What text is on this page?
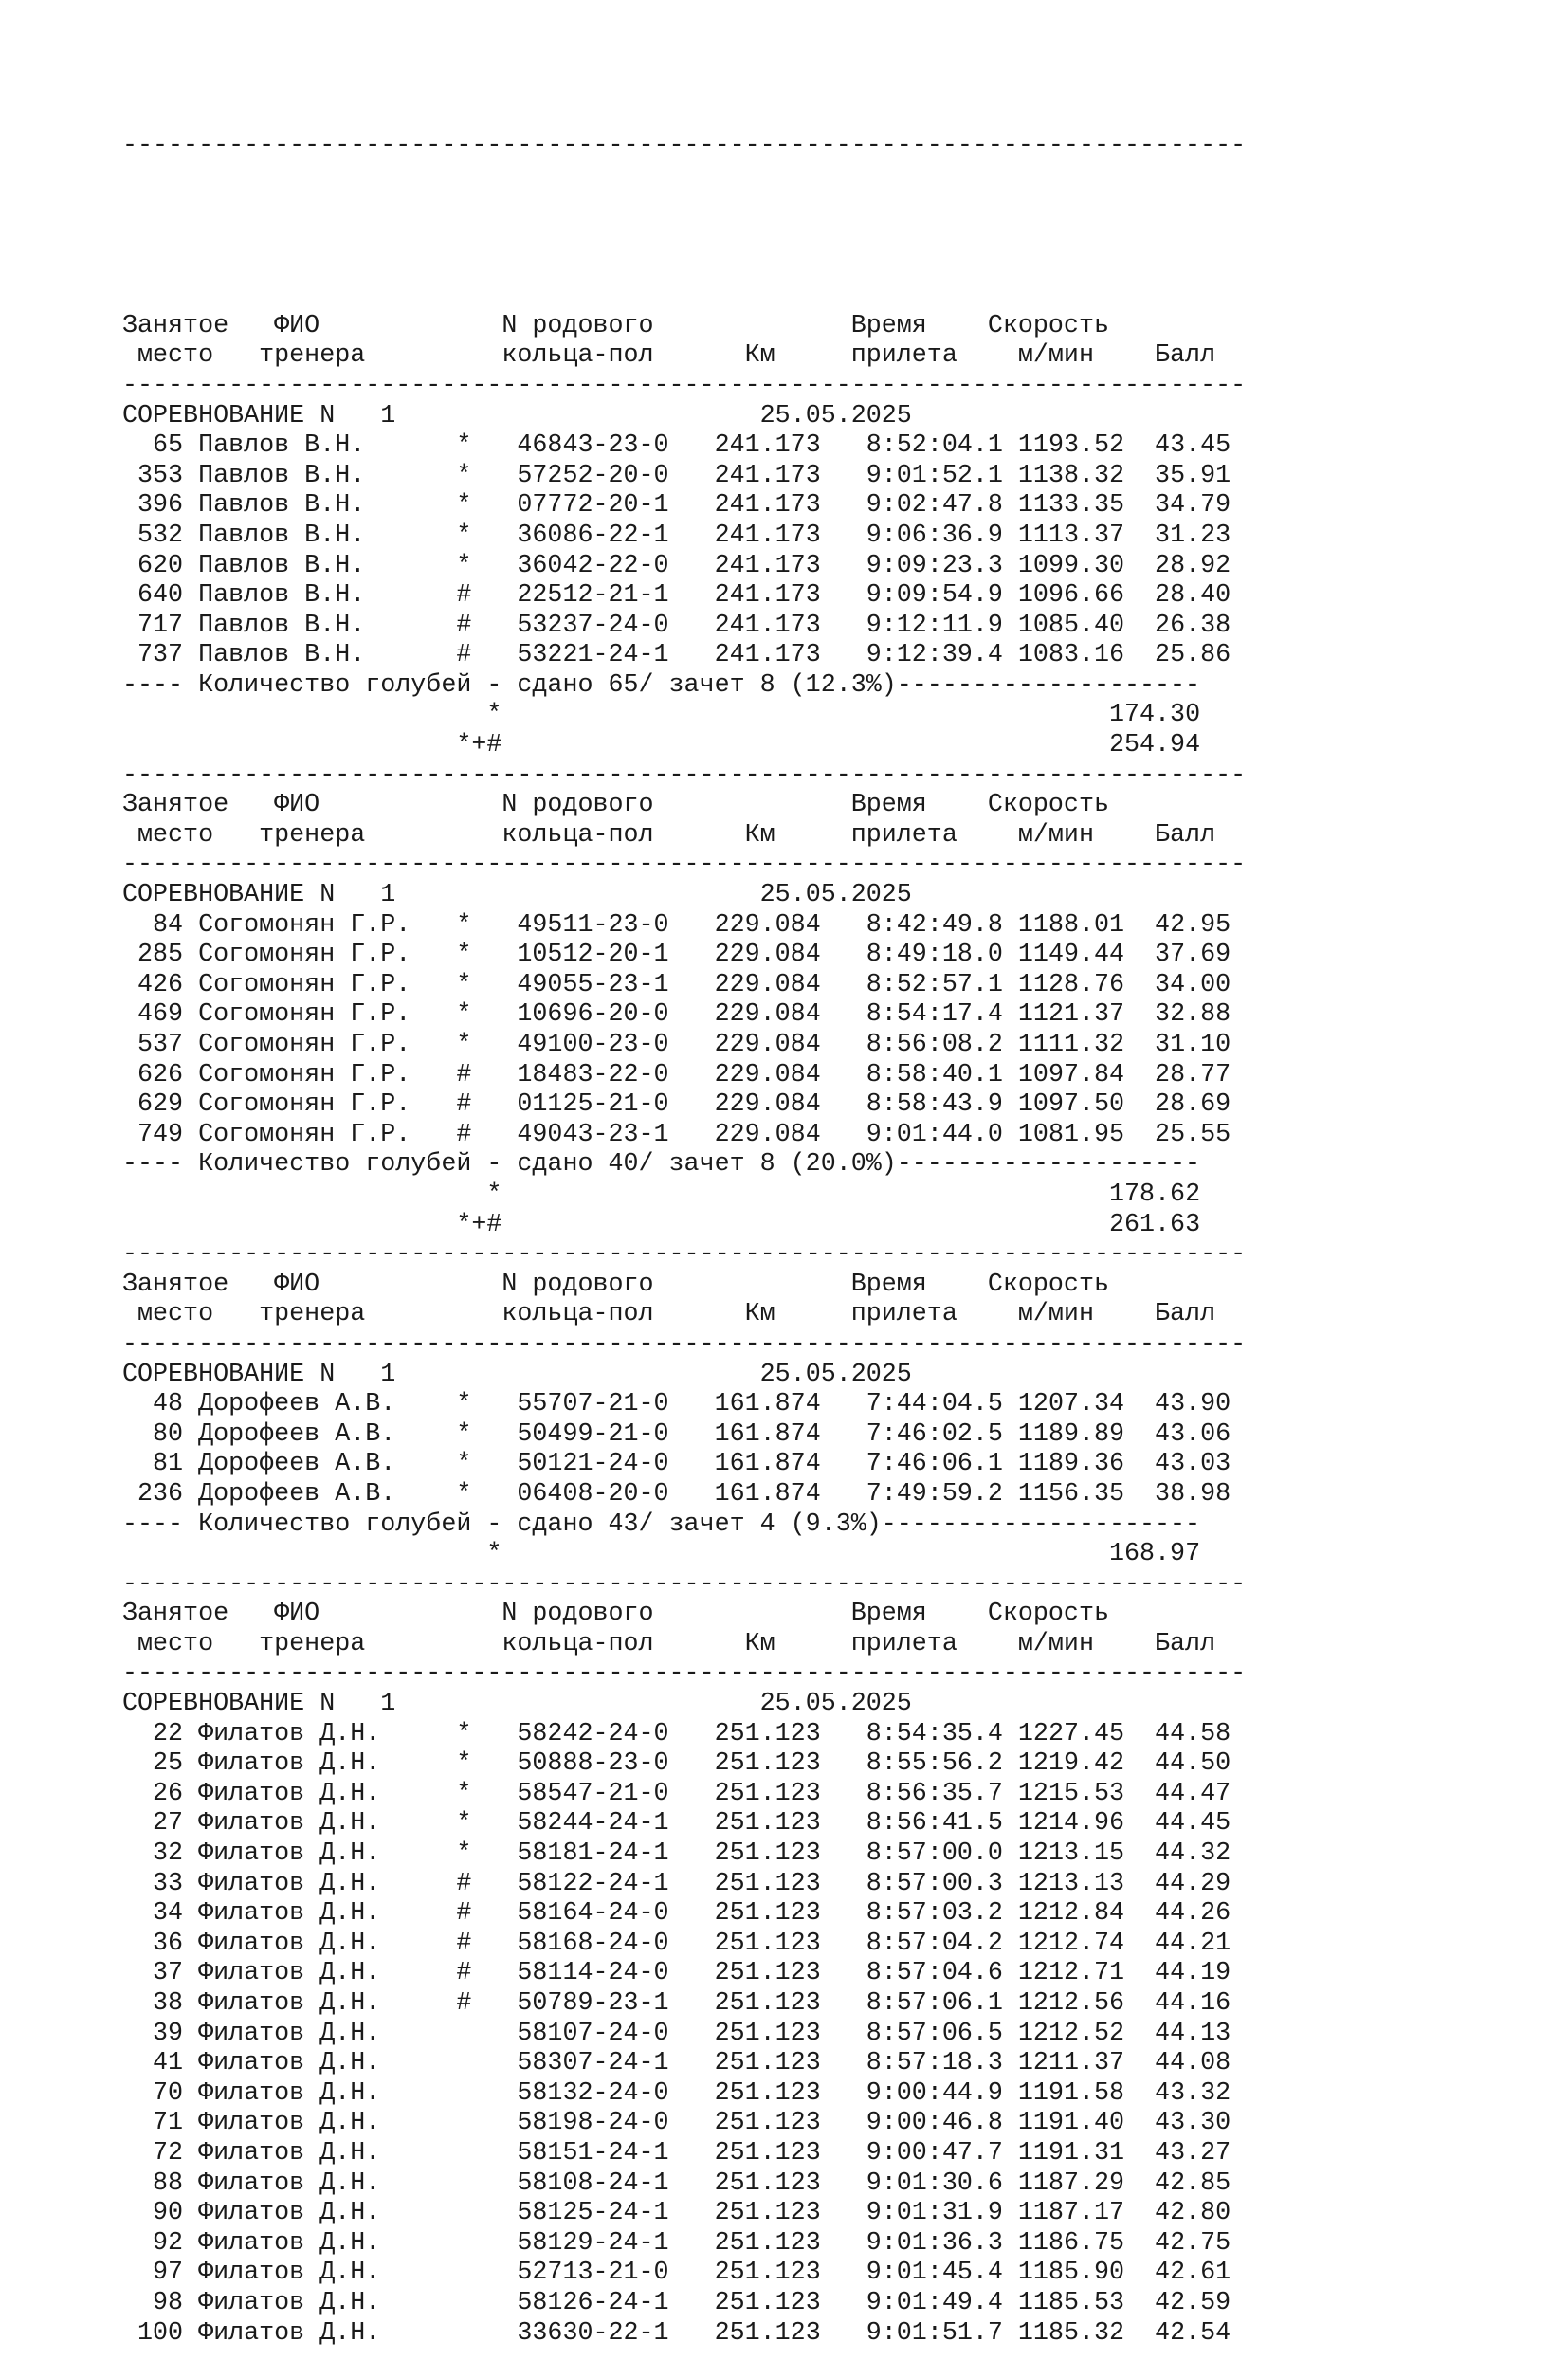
--------------------------------------------------------------------------

Занятое   ФИО            N родового             Время    Скорость
место   тренера         кольца-пол      Км     прилета    м/мин    Балл
--------------------------------------------------------------------------
СОРЕВНОВАНИЕ N   1	25.05.2025
65 Павлов В.Н.      * 46843-23-0 241.173   8:52:04.1 1193.52  43.45
353 Павлов В.Н.      * 57252-20-0 241.173   9:01:52.1 1138.32  35.91
396 Павлов В.Н.      * 07772-20-1 241.173   9:02:47.8 1133.35  34.79
532 Павлов В.Н.      * 36086-22-1 241.173   9:06:36.9 1113.37  31.23
620 Павлов В.Н.      * 36042-22-0 241.173   9:09:23.3 1099.30  28.92
640 Павлов В.Н.      # 22512-21-1 241.173   9:09:54.9 1096.66  28.40
717 Павлов В.Н.      # 53237-24-0 241.173   9:12:11.9 1085.40  26.38
737 Павлов В.Н.      # 53221-24-1 241.173   9:12:39.4 1083.16  25.86
---- Количество голубей - сдано 65/ зачет 8 (12.3%)--------------------
*	174.30
*+#	254.94
--------------------------------------------------------------------------
Занятое   ФИО            N родового             Время    Скорость
место   тренера         кольца-пол      Км     прилета    м/мин    Балл
--------------------------------------------------------------------------
СОРЕВНОВАНИЕ N   1	25.05.2025
84 Согомонян Г.Р.   * 49511-23-0 229.084   8:42:49.8 1188.01  42.95
285 Согомонян Г.Р.   * 10512-20-1 229.084   8:49:18.0 1149.44  37.69
426 Согомонян Г.Р.   * 49055-23-1 229.084   8:52:57.1 1128.76  34.00
469 Согомонян Г.Р.   * 10696-20-0 229.084   8:54:17.4 1121.37  32.88
537 Согомонян Г.Р.   * 49100-23-0 229.084   8:56:08.2 1111.32  31.10
626 Согомонян Г.Р.   # 18483-22-0 229.084   8:58:40.1 1097.84  28.77
629 Согомонян Г.Р.   # 01125-21-0 229.084   8:58:43.9 1097.50  28.69
749 Согомонян Г.Р.   # 49043-23-1 229.084   9:01:44.0 1081.95  25.55
---- Количество голубей - сдано 40/ зачет 8 (20.0%)--------------------
*	178.62
*+#	261.63
--------------------------------------------------------------------------
Занятое   ФИО            N родового             Время    Скорость
место   тренера         кольца-пол      Км     прилета    м/мин    Балл
--------------------------------------------------------------------------
СОРЕВНОВАНИЕ N   1	25.05.2025
48 Дорофеев А.В.    * 55707-21-0 161.874   7:44:04.5 1207.34  43.90
80 Дорофеев А.В.    * 50499-21-0 161.874   7:46:02.5 1189.89  43.06
81 Дорофеев А.В.    * 50121-24-0 161.874   7:46:06.1 1189.36  43.03
236 Дорофеев А.В.    * 06408-20-0 161.874   7:49:59.2 1156.35  38.98
---- Количество голубей - сдано 43/ зачет 4 (9.3%)---------------------
*	168.97
--------------------------------------------------------------------------
Занятое   ФИО            N родового             Время    Скорость
место   тренера         кольца-пол      Км     прилета    м/мин    Балл
--------------------------------------------------------------------------
СОРЕВНОВАНИЕ N   1	25.05.2025
22 Филатов Д.Н.     * 58242-24-0 251.123   8:54:35.4 1227.45  44.58
25 Филатов Д.Н.     * 50888-23-0 251.123   8:55:56.2 1219.42  44.50
26 Филатов Д.Н.     * 58547-21-0 251.123   8:56:35.7 1215.53  44.47
27 Филатов Д.Н.     * 58244-24-1 251.123   8:56:41.5 1214.96  44.45
32 Филатов Д.Н.     * 58181-24-1 251.123   8:57:00.0 1213.15  44.32
33 Филатов Д.Н.     # 58122-24-1 251.123   8:57:00.3 1213.13  44.29
34 Филатов Д.Н.     # 58164-24-0 251.123   8:57:03.2 1212.84  44.26
36 Филатов Д.Н.     # 58168-24-0 251.123   8:57:04.2 1212.74  44.21
37 Филатов Д.Н.     # 58114-24-0 251.123   8:57:04.6 1212.71  44.19
38 Филатов Д.Н.     # 50789-23-1 251.123   8:57:06.1 1212.56  44.16
39 Филатов Д.Н.         58107-24-0 251.123   8:57:06.5 1212.52  44.13
41 Филатов Д.Н.         58307-24-1 251.123   8:57:18.3 1211.37  44.08
70 Филатов Д.Н.         58132-24-0 251.123   9:00:44.9 1191.58  43.32
71 Филатов Д.Н.         58198-24-0 251.123   9:00:46.8 1191.40  43.30
72 Филатов Д.Н.         58151-24-1 251.123   9:00:47.7 1191.31  43.27
88 Филатов Д.Н.         58108-24-1 251.123   9:01:30.6 1187.29  42.85
90 Филатов Д.Н.         58125-24-1 251.123   9:01:31.9 1187.17  42.80
92 Филатов Д.Н.         58129-24-1 251.123   9:01:36.3 1186.75  42.75
97 Филатов Д.Н.         52713-21-0 251.123   9:01:45.4 1185.90  42.61
98 Филатов Д.Н.         58126-24-1 251.123   9:01:49.4 1185.53  42.59
100 Филатов Д.Н.         33630-22-1 251.123   9:01:51.7 1185.32  42.54
